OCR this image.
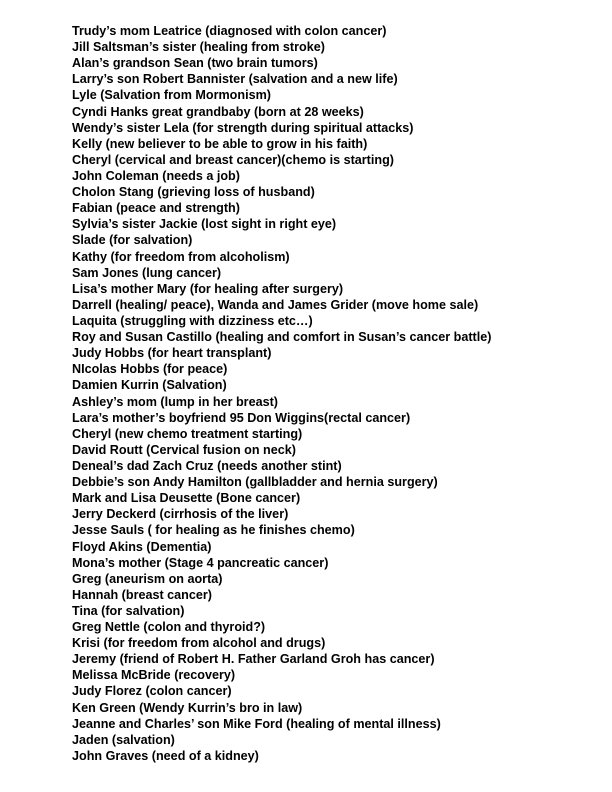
Trudy’s mom Leatrice (diagnosed with colon cancer)
Jill Saltsman’s sister (healing from stroke)
Alan’s grandson Sean (two brain tumors)
Larry’s son Robert Bannister (salvation and a new life)
Lyle (Salvation from Mormonism)
Cyndi Hanks great grandbaby (born at 28 weeks)
Wendy’s sister Lela (for strength during spiritual attacks)
Kelly (new believer to be able to grow in his faith)
Cheryl (cervical and breast cancer)(chemo is starting)
John Coleman (needs a job)
Cholon Stang (grieving loss of husband)
Fabian (peace and strength)
Sylvia’s sister Jackie (lost sight in right eye)
Slade (for salvation)
Kathy (for freedom from alcoholism)
Sam Jones (lung cancer)
Lisa’s mother Mary (for healing after surgery)
Darrell (healing/ peace), Wanda and James Grider (move home sale)
Laquita (struggling with dizziness etc…)
Roy and Susan Castillo (healing and comfort in Susan’s cancer battle)
Judy Hobbs (for heart transplant)
NIcolas Hobbs (for peace)
Damien Kurrin (Salvation)
Ashley’s mom (lump in her breast)
Lara’s mother’s boyfriend 95 Don Wiggins(rectal cancer)
Cheryl (new chemo treatment starting)
David Routt (Cervical fusion on neck)
Deneal’s dad Zach Cruz (needs another stint)
Debbie’s son Andy Hamilton (gallbladder and hernia surgery)
Mark and Lisa Deusette (Bone cancer)
Jerry Deckerd (cirrhosis of the liver)
Jesse Sauls ( for healing as he finishes chemo)
Floyd Akins (Dementia)
Mona’s mother (Stage 4 pancreatic cancer)
Greg (aneurism on aorta)
Hannah (breast cancer)
Tina (for salvation)
Greg Nettle (colon and thyroid?)
Krisi (for freedom from alcohol and drugs)
Jeremy (friend of Robert H. Father Garland Groh has cancer)
Melissa McBride (recovery)
Judy Florez (colon cancer)
Ken Green (Wendy Kurrin’s bro in law)
Jeanne and Charles’ son Mike Ford (healing of mental illness)
Jaden (salvation)
John Graves (need of a kidney)
